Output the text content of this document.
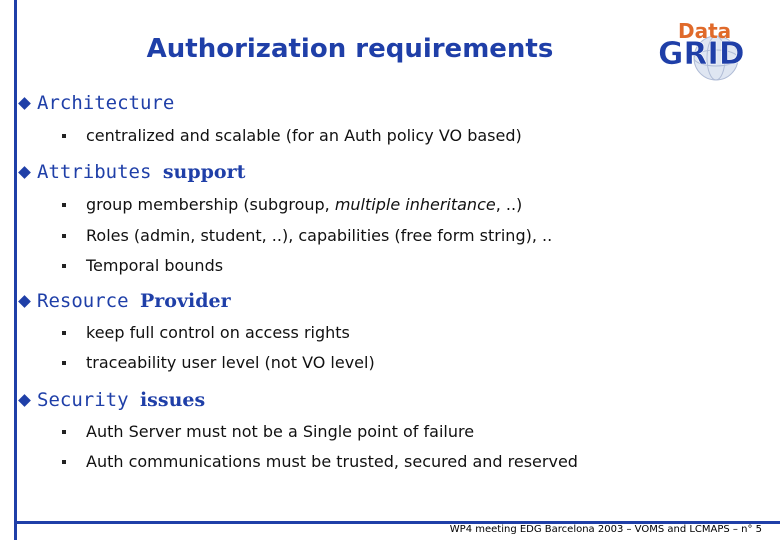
Authorization requirements
Data
GRID
Architecture
centralized and scalable (for an Auth policy VO based)
Attributes support
group membership (subgroup, multiple inheritance, ..)
Roles (admin, student, ..), capabilities (free form string), ..
Temporal bounds
Resource Provider
keep full control on access rights
traceability user level (not VO level)
Security issues
Auth Server must not be a Single point of failure
Auth communications must be trusted, secured and reserved
WP4 meeting EDG Barcelona 2003 – VOMS and LCMAPS – n° 5
